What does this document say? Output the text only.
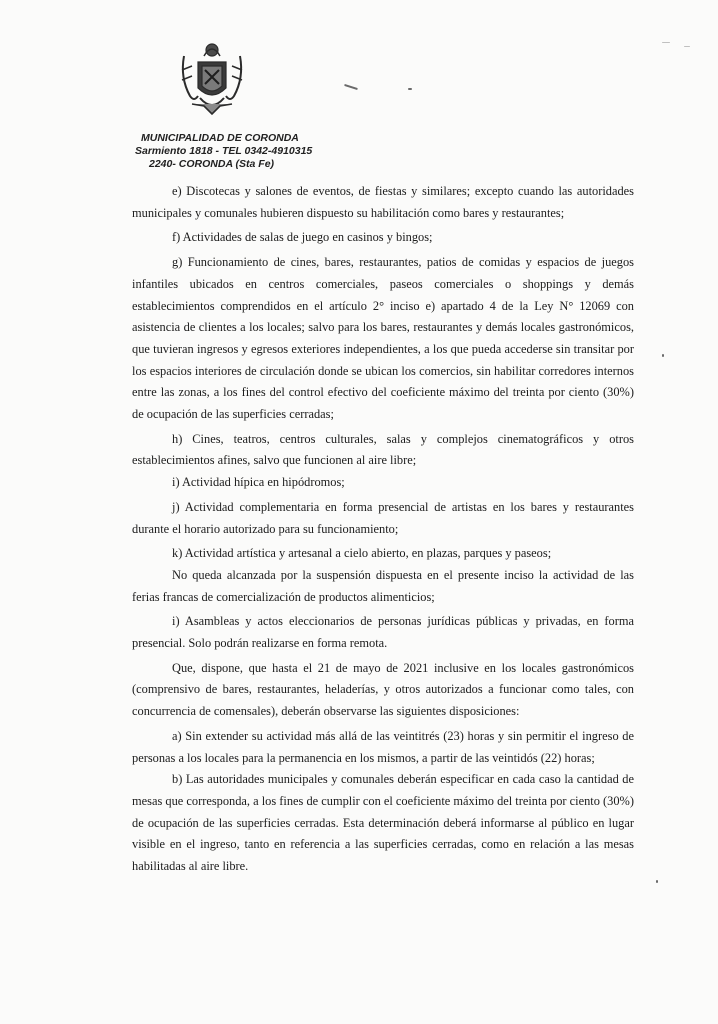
MUNICIPALIDAD DE CORONDA
Sarmiento 1818 - TEL 0342-4910315
2240- CORONDA (Sta Fe)

e) Discotecas y salones de eventos, de fiestas y similares; excepto cuando las autoridades municipales y comunales hubieren dispuesto su habilitación como bares y restaurantes;

f) Actividades de salas de juego en casinos y bingos;

g) Funcionamiento de cines, bares, restaurantes, patios de comidas y espacios de juegos infantiles ubicados en centros comerciales, paseos comerciales o shoppings y demás establecimientos comprendidos en el artículo 2° inciso e) apartado 4 de la Ley N° 12069 con asistencia de clientes a los locales; salvo para los bares, restaurantes y demás locales gastronómicos, que tuvieran ingresos y egresos exteriores independientes, a los que pueda accederse sin transitar por los espacios interiores de circulación donde se ubican los comercios, sin habilitar corredores internos entre las zonas, a los fines del control efectivo del coeficiente máximo del treinta por ciento (30%) de ocupación de las superficies cerradas;

h) Cines, teatros, centros culturales, salas y complejos cinematográficos y otros establecimientos afines, salvo que funcionen al aire libre;

i) Actividad hípica en hipódromos;

j) Actividad complementaria en forma presencial de artistas en los bares y restaurantes durante el horario autorizado para su funcionamiento;

k) Actividad artística y artesanal a cielo abierto, en plazas, parques y paseos;

No queda alcanzada por la suspensión dispuesta en el presente inciso la actividad de las ferias francas de comercialización de productos alimenticios;

i) Asambleas y actos eleccionarios de personas jurídicas públicas y privadas, en forma presencial. Solo podrán realizarse en forma remota.

Que, dispone, que hasta el 21 de mayo de 2021 inclusive en los locales gastronómicos (comprensivo de bares, restaurantes, heladerías, y otros autorizados a funcionar como tales, con concurrencia de comensales), deberán observarse las siguientes disposiciones:

a) Sin extender su actividad más allá de las veintitrés (23) horas y sin permitir el ingreso de personas a los locales para la permanencia en los mismos, a partir de las veintidós (22) horas;

b) Las autoridades municipales y comunales deberán especificar en cada caso la cantidad de mesas que corresponda, a los fines de cumplir con el coeficiente máximo del treinta por ciento (30%) de ocupación de las superficies cerradas. Esta determinación deberá informarse al público en lugar visible en el ingreso, tanto en referencia a las superficies cerradas, como en relación a las mesas habilitadas al aire libre.
